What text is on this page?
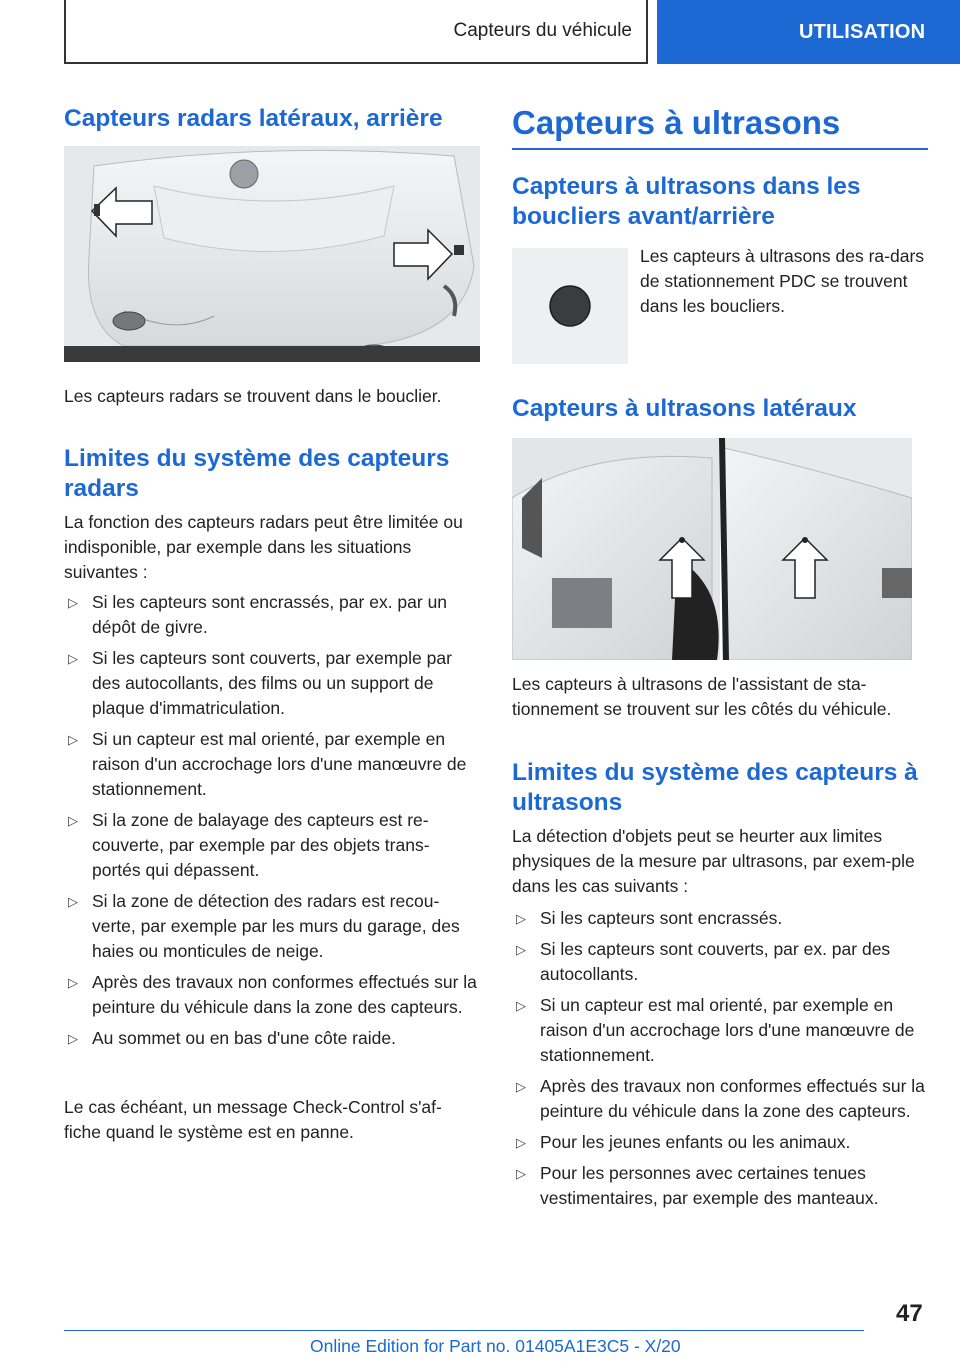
Capteurs du véhicule	UTILISATION
Capteurs radars latéraux, arrière

Les capteurs radars se trouvent dans le bouclier.

Limites du système des capteurs radars

La fonction des capteurs radars peut être limitée ou indisponible, par exemple dans les situations suivantes :

▷ Si les capteurs sont encrassés, par ex. par un dépôt de givre.
▷ Si les capteurs sont couverts, par exemple par des autocollants, des films ou un support de plaque d'immatriculation.
▷ Si un capteur est mal orienté, par exemple en raison d'un accrochage lors d'une manœuvre de stationnement.
▷ Si la zone de balayage des capteurs est re-couverte, par exemple par des objets trans-portés qui dépassent.
▷ Si la zone de détection des radars est recou-verte, par exemple par les murs du garage, des haies ou monticules de neige.
▷ Après des travaux non conformes effectués sur la peinture du véhicule dans la zone des capteurs.
▷ Au sommet ou en bas d'une côte raide.

Le cas échéant, un message Check-Control s'af-fiche quand le système est en panne.

Capteurs à ultrasons
Capteurs à ultrasons dans les boucliers avant/arrière

Les capteurs à ultrasons des ra-dars de stationnement PDC se trouvent dans les boucliers.

Capteurs à ultrasons latéraux

Les capteurs à ultrasons de l'assistant de sta-tionnement se trouvent sur les côtés du véhicule.

Limites du système des capteurs à ultrasons

La détection d'objets peut se heurter aux limites physiques de la mesure par ultrasons, par exem-ple dans les cas suivants :

▷ Si les capteurs sont encrassés.
▷ Si les capteurs sont couverts, par ex. par des autocollants.
▷ Si un capteur est mal orienté, par exemple en raison d'un accrochage lors d'une manœuvre de stationnement.
▷ Après des travaux non conformes effectués sur la peinture du véhicule dans la zone des capteurs.
▷ Pour les jeunes enfants ou les animaux.
▷ Pour les personnes avec certaines tenues vestimentaires, par exemple des manteaux.
47
Online Edition for Part no. 01405A1E3C5 - X/20
